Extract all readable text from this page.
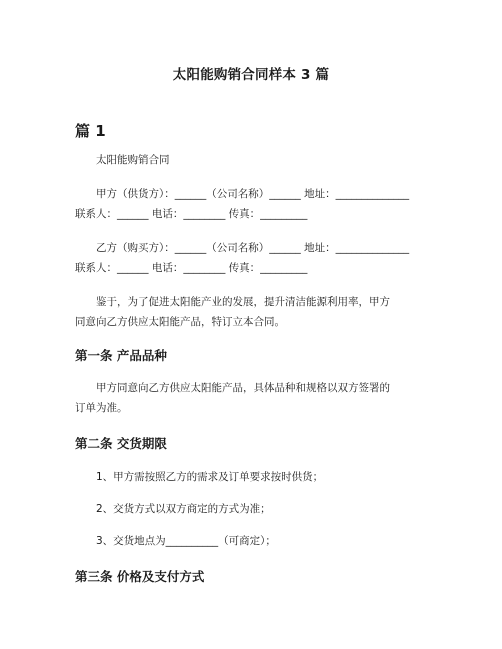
太阳能购销合同样本 3 篇
篇 1
太阳能购销合同
甲方（供货方）：______（公司名称）______ 地址：______________
联系人：______ 电话：________ 传真：_________
乙方（购买方）：______（公司名称）______ 地址：______________
联系人：______ 电话：________ 传真：_________
鉴于，为了促进太阳能产业的发展，提升清洁能源利用率，甲方
同意向乙方供应太阳能产品，特订立本合同。
第一条 产品品种
甲方同意向乙方供应太阳能产品，具体品种和规格以双方签署的
订单为准。
第二条 交货期限
1、甲方需按照乙方的需求及订单要求按时供货；
2、交货方式以双方商定的方式为准；
3、交货地点为__________（可商定）；
第三条 价格及支付方式
